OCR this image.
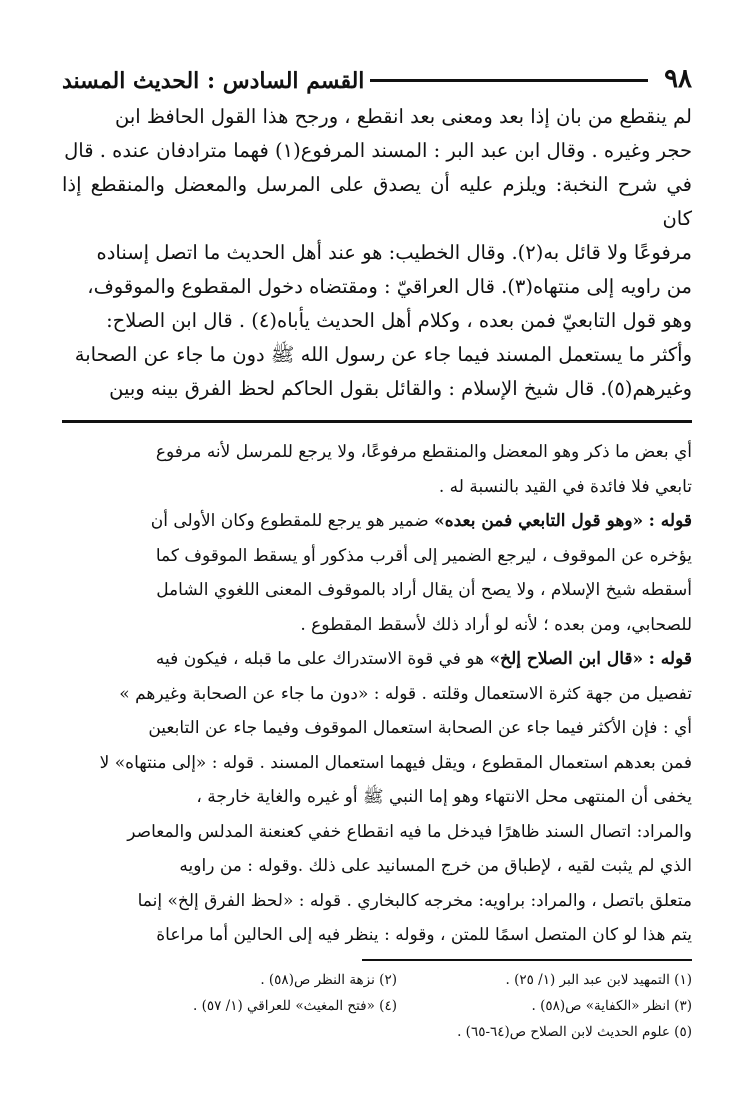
٩٨
القسم السادس : الحديث المسند

لم ينقطع من بان إذا بعد ومعنى بعد انقطع ، ورجح هذا القول الحافظ ابن

حجر وغيره . وقال ابن عبد البر : المسند المرفوع(١) فهما مترادفان عنده . قال

في شرح النخبة: ويلزم عليه أن يصدق على المرسل والمعضل والمنقطع إذا كان

مرفوعًا ولا قائل به(٢). وقال الخطيب: هو عند أهل الحديث ما اتصل إسناده

من راويه إلى منتهاه(٣). قال العراقيّ : ومقتضاه دخول المقطوع والموقوف،

وهو قول التابعيّ فمن بعده ، وكلام أهل الحديث يأباه(٤) . قال ابن الصلاح:

وأكثر ما يستعمل المسند فيما جاء عن رسول الله ﷺ دون ما جاء عن الصحابة

وغيرهم(٥). قال شيخ الإسلام : والقائل بقول الحاكم لحظ الفرق بينه وبين

أي بعض ما ذكر وهو المعضل والمنقطع مرفوعًا، ولا يرجع للمرسل لأنه مرفوع

تابعي فلا فائدة في القيد بالنسبة له .

قوله : «وهو قول التابعي فمن بعده» ضمير هو يرجع للمقطوع وكان الأولى أن

يؤخره عن الموقوف ، ليرجع الضمير إلى أقرب مذكور أو يسقط الموقوف كما

أسقطه شيخ الإسلام ، ولا يصح أن يقال أراد بالموقوف المعنى اللغوي الشامل

للصحابي، ومن بعده ؛ لأنه لو أراد ذلك لأسقط المقطوع .

قوله : «قال ابن الصلاح إلخ» هو في قوة الاستدراك على ما قبله ، فيكون فيه

تفصيل من جهة كثرة الاستعمال وقلته . قوله : «دون ما جاء عن الصحابة وغيرهم »

أي : فإن الأكثر فيما جاء عن الصحابة استعمال الموقوف وفيما جاء عن التابعين

فمن بعدهم استعمال المقطوع ، ويقل فيهما استعمال المسند . قوله : «إلى منتهاه» لا

يخفى أن المنتهى محل الانتهاء وهو إما النبي ﷺ أو غيره والغاية خارجة ،

والمراد: اتصال السند ظاهرًا فيدخل ما فيه انقطاع خفي كعنعنة المدلس والمعاصر

الذي لم يثبت لقيه ، لإطباق من خرج المسانيد على ذلك .وقوله : من راويه

متعلق باتصل ، والمراد: براويه: مخرجه كالبخاري . قوله : «لحظ الفرق إلخ» إنما

يتم هذا لو كان المتصل اسمًا للمتن ، وقوله : ينظر فيه إلى الحالين أما مراعاة

(١) التمهيد لابن عبد البر (١/ ٢٥) .
(٢) نزهة النظر ص(٥٨) .
(٣) انظر «الكفاية» ص(٥٨) .
(٤) «فتح المغيث» للعراقي (١/ ٥٧) .
(٥) علوم الحديث لابن الصلاح ص(٦٤-٦٥) .
